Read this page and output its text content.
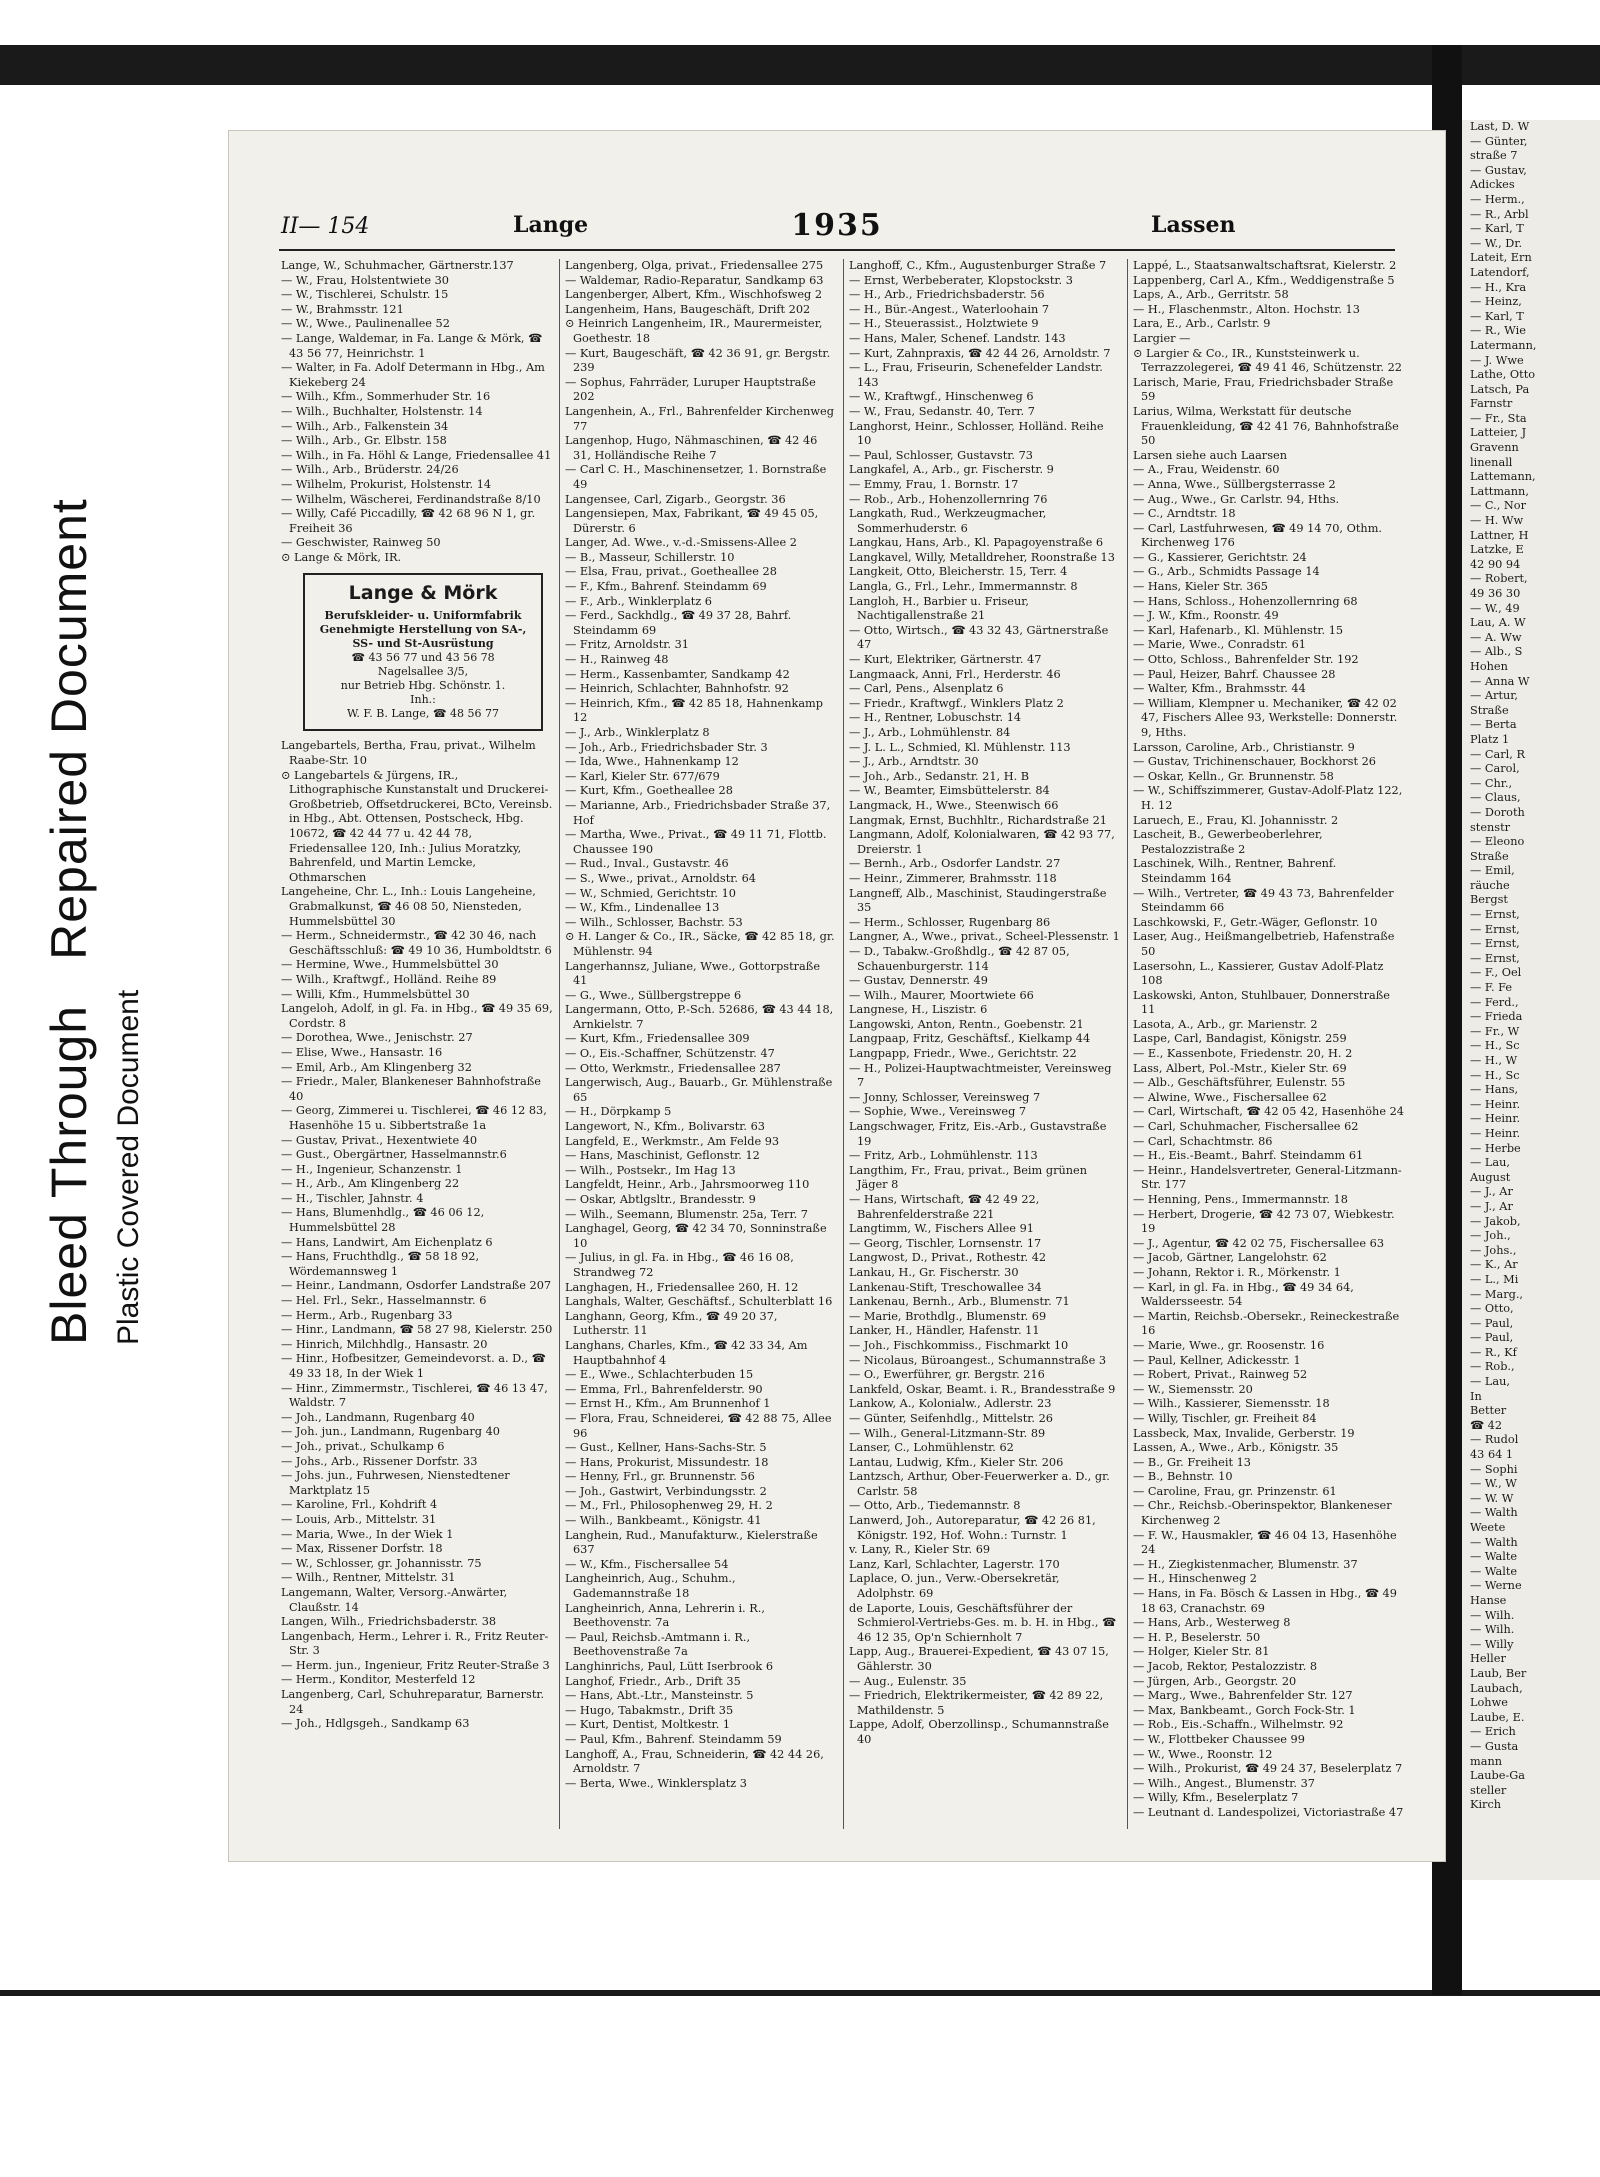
Bleed ThroughRepaired Document
Plastic Covered Document
Last, D. W
— Günter,
straße 7
— Gustav,
Adickes
— Herm.,
— R., Arbl
— Karl, T
— W., Dr.
Lateit, Ern
Latendorf,
— H., Kra
— Heinz,
— Karl, T
— R., Wie
Latermann,
— J. Wwe
Lathe, Otto
Latsch, Pa
Farnstr
— Fr., Sta
Latteier, J
Gravenn
linenall
Lattemann,
Lattmann,
— C., Nor
— H. Ww
Lattner, H
Latzke, E
42 90 94
— Robert,
49 36 30
— W., 49
Lau, A. W
— A. Ww
— Alb., S
Hohen
— Anna W
— Artur,
Straße
— Berta
Platz 1
— Carl, R
— Carol,
— Chr.,
— Claus,
— Doroth
stenstr
— Eleono
Straße
— Emil,
räuche
Bergst
— Ernst,
— Ernst,
— Ernst,
— Ernst,
— F., Oel
— F. Fe
— Ferd.,
— Frieda
— Fr., W
— H., Sc
— H., W
— H., Sc
— Hans,
— Heinr.
— Heinr.
— Heinr.
— Herbe
— Lau,
August
— J., Ar
— J., Ar
— Jakob,
— Joh.,
— Johs.,
— K., Ar
— L., Mi
— Marg.,
— Otto,
— Paul,
— Paul,
— R., Kf
— Rob.,
— Lau,
In
Better
☎ 42
— Rudol
43 64 1
— Sophi
— W., W
— W. W
— Walth
Weete
— Walth
— Walte
— Walte
— Werne
Hanse
— Wilh.
— Wilh.
— Willy
Heller
Laub, Ber
Laubach,
Lohwe
Laube, E.
— Erich
— Gusta
mann
Laube-Ga
steller
Kirch
II— 154	Lange	1935	Lassen

Lange, W., Schuhmacher, Gärtnerstr.137

— W., Frau, Holstentwiete 30

— W., Tischlerei, Schulstr. 15

— W., Brahmsstr. 121

— W., Wwe., Paulinenallee 52

— Lange, Waldemar, in Fa. Lange & Mörk, ☎ 43 56 77, Heinrichstr. 1

— Walter, in Fa. Adolf Determann in Hbg., Am Kiekeberg 24

— Wilh., Kfm., Sommerhuder Str. 16

— Wilh., Buchhalter, Holstenstr. 14

— Wilh., Arb., Falkenstein 34

— Wilh., Arb., Gr. Elbstr. 158

— Wilh., in Fa. Höhl & Lange, Friedensallee 41

— Wilh., Arb., Brüderstr. 24/26

— Wilhelm, Prokurist, Holstenstr. 14

— Wilhelm, Wäscherei, Ferdinandstraße 8/10

— Willy, Café Piccadilly, ☎ 42 68 96 N 1, gr. Freiheit 36

— Geschwister, Rainweg 50

⊙ Lange & Mörk, IR.

Lange & Mörk
Berufskleider- u. Uniformfabrik
Genehmigte Herstellung von SA-, SS- und St-Ausrüstung
☎ 43 56 77 und 43 56 78
Nagelsallee 3/5,
nur Betrieb Hbg. Schönstr. 1.
Inh.:
W. F. B. Lange, ☎ 48 56 77

Langebartels, Bertha, Frau, privat., Wilhelm Raabe-Str. 10

⊙ Langebartels & Jürgens, IR., Lithographische Kunstanstalt und Druckerei-Großbetrieb, Offsetdruckerei, BCto, Vereinsb. in Hbg., Abt. Ottensen, Postscheck, Hbg. 10672, ☎ 42 44 77 u. 42 44 78, Friedensallee 120, Inh.: Julius Moratzky, Bahrenfeld, und Martin Lemcke, Othmarschen

Langeheine, Chr. L., Inh.: Louis Langeheine, Grabmalkunst, ☎ 46 08 50, Niensteden, Hummelsbüttel 30

— Herm., Schneidermstr., ☎ 42 30 46, nach Geschäftsschluß: ☎ 49 10 36, Humboldtstr. 6

— Hermine, Wwe., Hummelsbüttel 30

— Wilh., Kraftwgf., Holländ. Reihe 89

— Willi, Kfm., Hummelsbüttel 30

Langeloh, Adolf, in gl. Fa. in Hbg., ☎ 49 35 69, Cordstr. 8

— Dorothea, Wwe., Jenischstr. 27

— Elise, Wwe., Hansastr. 16

— Emil, Arb., Am Klingenberg 32

— Friedr., Maler, Blankeneser Bahnhofstraße 40

— Georg, Zimmerei u. Tischlerei, ☎ 46 12 83, Hasenhöhe 15 u. Sibbertstraße 1a

— Gustav, Privat., Hexentwiete 40

— Gust., Obergärtner, Hasselmannstr.6

— H., Ingenieur, Schanzenstr. 1

— H., Arb., Am Klingenberg 22

— H., Tischler, Jahnstr. 4

— Hans, Blumenhdlg., ☎ 46 06 12, Hummelsbüttel 28

— Hans, Landwirt, Am Eichenplatz 6

— Hans, Fruchthdlg., ☎ 58 18 92, Wördemannsweg 1

— Heinr., Landmann, Osdorfer Landstraße 207

— Hel. Frl., Sekr., Hasselmannstr. 6

— Herm., Arb., Rugenbarg 33

— Hinr., Landmann, ☎ 58 27 98, Kielerstr. 250

— Hinrich, Milchhdlg., Hansastr. 20

— Hinr., Hofbesitzer, Gemeindevorst. a. D., ☎ 49 33 18, In der Wiek 1

— Hinr., Zimmermstr., Tischlerei, ☎ 46 13 47, Waldstr. 7

— Joh., Landmann, Rugenbarg 40

— Joh. jun., Landmann, Rugenbarg 40

— Joh., privat., Schulkamp 6

— Johs., Arb., Rissener Dorfstr. 33

— Johs. jun., Fuhrwesen, Nienstedtener Marktplatz 15

— Karoline, Frl., Kohdrift 4

— Louis, Arb., Mittelstr. 31

— Maria, Wwe., In der Wiek 1

— Max, Rissener Dorfstr. 18

— W., Schlosser, gr. Johannisstr. 75

— Wilh., Rentner, Mittelstr. 31

Langemann, Walter, Versorg.-Anwärter, Claußstr. 14

Langen, Wilh., Friedrichsbaderstr. 38

Langenbach, Herm., Lehrer i. R., Fritz Reuter-Str. 3

— Herm. jun., Ingenieur, Fritz Reuter-Straße 3

— Herm., Konditor, Mesterfeld 12

Langenberg, Carl, Schuhreparatur, Barnerstr. 24

— Joh., Hdlgsgeh., Sandkamp 63

Langenberg, Olga, privat., Friedensallee 275

— Waldemar, Radio-Reparatur, Sandkamp 63

Langenberger, Albert, Kfm., Wischhofsweg 2

Langenheim, Hans, Baugeschäft, Drift 202

⊙ Heinrich Langenheim, IR., Maurermeister, Goethestr. 18

— Kurt, Baugeschäft, ☎ 42 36 91, gr. Bergstr. 239

— Sophus, Fahrräder, Luruper Hauptstraße 202

Langenhein, A., Frl., Bahrenfelder Kirchenweg 77

Langenhop, Hugo, Nähmaschinen, ☎ 42 46 31, Holländische Reihe 7

— Carl C. H., Maschinensetzer, 1. Bornstraße 49

Langensee, Carl, Zigarb., Georgstr. 36

Langensiepen, Max, Fabrikant, ☎ 49 45 05, Dürerstr. 6

Langer, Ad. Wwe., v.-d.-Smissens-Allee 2

— B., Masseur, Schillerstr. 10

— Elsa, Frau, privat., Goetheallee 28

— F., Kfm., Bahrenf. Steindamm 69

— F., Arb., Winklerplatz 6

— Ferd., Sackhdlg., ☎ 49 37 28, Bahrf. Steindamm 69

— Fritz, Arnoldstr. 31

— H., Rainweg 48

— Herm., Kassenbamter, Sandkamp 42

— Heinrich, Schlachter, Bahnhofstr. 92

— Heinrich, Kfm., ☎ 42 85 18, Hahnenkamp 12

— J., Arb., Winklerplatz 8

— Joh., Arb., Friedrichsbader Str. 3

— Ida, Wwe., Hahnenkamp 12

— Karl, Kieler Str. 677/679

— Kurt, Kfm., Goetheallee 28

— Marianne, Arb., Friedrichsbader Straße 37, Hof

— Martha, Wwe., Privat., ☎ 49 11 71, Flottb. Chaussee 190

— Rud., Inval., Gustavstr. 46

— S., Wwe., privat., Arnoldstr. 64

— W., Schmied, Gerichtstr. 10

— W., Kfm., Lindenallee 13

— Wilh., Schlosser, Bachstr. 53

⊙ H. Langer & Co., IR., Säcke, ☎ 42 85 18, gr. Mühlenstr. 94

Langerhannsz, Juliane, Wwe., Gottorpstraße 41

— G., Wwe., Süllbergstreppe 6

Langermann, Otto, P.-Sch. 52686, ☎ 43 44 18, Arnkielstr. 7

— Kurt, Kfm., Friedensallee 309

— O., Eis.-Schaffner, Schützenstr. 47

— Otto, Werkmstr., Friedensallee 287

Langerwisch, Aug., Bauarb., Gr. Mühlenstraße 65

— H., Dörpkamp 5

Langewort, N., Kfm., Bolivarstr. 63

Langfeld, E., Werkmstr., Am Felde 93

— Hans, Maschinist, Geflonstr. 12

— Wilh., Postsekr., Im Hag 13

Langfeldt, Heinr., Arb., Jahrsmoorweg 110

— Oskar, Abtlgsltr., Brandesstr. 9

— Wilh., Seemann, Blumenstr. 25a, Terr. 7

Langhagel, Georg, ☎ 42 34 70, Sonninstraße 10

— Julius, in gl. Fa. in Hbg., ☎ 46 16 08, Strandweg 72

Langhagen, H., Friedensallee 260, H. 12

Langhals, Walter, Geschäftsf., Schulterblatt 16

Langhann, Georg, Kfm., ☎ 49 20 37, Lutherstr. 11

Langhans, Charles, Kfm., ☎ 42 33 34, Am Hauptbahnhof 4

— E., Wwe., Schlachterbuden 15

— Emma, Frl., Bahrenfelderstr. 90

— Ernst H., Kfm., Am Brunnenhof 1

— Flora, Frau, Schneiderei, ☎ 42 88 75, Allee 96

— Gust., Kellner, Hans-Sachs-Str. 5

— Hans, Prokurist, Missundestr. 18

— Henny, Frl., gr. Brunnenstr. 56

— Joh., Gastwirt, Verbindungsstr. 2

— M., Frl., Philosophenweg 29, H. 2

— Wilh., Bankbeamt., Königstr. 41

Langhein, Rud., Manufakturw., Kielerstraße 637

— W., Kfm., Fischersallee 54

Langheinrich, Aug., Schuhm., Gademannstraße 18

Langheinrich, Anna, Lehrerin i. R., Beethovenstr. 7a

— Paul, Reichsb.-Amtmann i. R., Beethovenstraße 7a

Langhinrichs, Paul, Lütt Iserbrook 6

Langhof, Friedr., Arb., Drift 35

— Hans, Abt.-Ltr., Mansteinstr. 5

— Hugo, Tabakmstr., Drift 35

— Kurt, Dentist, Moltkestr. 1

— Paul, Kfm., Bahrenf. Steindamm 59

Langhoff, A., Frau, Schneiderin, ☎ 42 44 26, Arnoldstr. 7

— Berta, Wwe., Winklersplatz 3

Langhoff, C., Kfm., Augustenburger Straße 7

— Ernst, Werbeberater, Klopstockstr. 3

— H., Arb., Friedrichsbaderstr. 56

— H., Bür.-Angest., Waterloohain 7

— H., Steuerassist., Holztwiete 9

— Hans, Maler, Schenef. Landstr. 143

— Kurt, Zahnpraxis, ☎ 42 44 26, Arnoldstr. 7

— L., Frau, Friseurin, Schenefelder Landstr. 143

— W., Kraftwgf., Hinschenweg 6

— W., Frau, Sedanstr. 40, Terr. 7

Langhorst, Heinr., Schlosser, Holländ. Reihe 10

— Paul, Schlosser, Gustavstr. 73

Langkafel, A., Arb., gr. Fischerstr. 9

— Emmy, Frau, 1. Bornstr. 17

— Rob., Arb., Hohenzollernring 76

Langkath, Rud., Werkzeugmacher, Sommerhuderstr. 6

Langkau, Hans, Arb., Kl. Papagoyenstraße 6

Langkavel, Willy, Metalldreher, Roonstraße 13

Langkeit, Otto, Bleicherstr. 15, Terr. 4

Langla, G., Frl., Lehr., Immermannstr. 8

Langloh, H., Barbier u. Friseur, Nachtigallenstraße 21

— Otto, Wirtsch., ☎ 43 32 43, Gärtnerstraße 47

— Kurt, Elektriker, Gärtnerstr. 47

Langmaack, Anni, Frl., Herderstr. 46

— Carl, Pens., Alsenplatz 6

— Friedr., Kraftwgf., Winklers Platz 2

— H., Rentner, Lobuschstr. 14

— J., Arb., Lohmühlenstr. 84

— J. L. L., Schmied, Kl. Mühlenstr. 113

— J., Arb., Arndtstr. 30

— Joh., Arb., Sedanstr. 21, H. B

— W., Beamter, Eimsbüttelerstr. 84

Langmack, H., Wwe., Steenwisch 66

Langmak, Ernst, Buchhltr., Richardstraße 21

Langmann, Adolf, Kolonialwaren, ☎ 42 93 77, Dreierstr. 1

— Bernh., Arb., Osdorfer Landstr. 27

— Heinr., Zimmerer, Brahmsstr. 118

Langneff, Alb., Maschinist, Staudingerstraße 35

— Herm., Schlosser, Rugenbarg 86

Langner, A., Wwe., privat., Scheel-Plessenstr. 1

— D., Tabakw.-Großhdlg., ☎ 42 87 05, Schauenburgerstr. 114

— Gustav, Dennerstr. 49

— Wilh., Maurer, Moortwiete 66

Langnese, H., Liszistr. 6

Langowski, Anton, Rentn., Goebenstr. 21

Langpaap, Fritz, Geschäftsf., Kielkamp 44

Langpapp, Friedr., Wwe., Gerichtstr. 22

— H., Polizei-Hauptwachtmeister, Vereinsweg 7

— Jonny, Schlosser, Vereinsweg 7

— Sophie, Wwe., Vereinsweg 7

Langschwager, Fritz, Eis.-Arb., Gustavstraße 19

— Fritz, Arb., Lohmühlenstr. 113

Langthim, Fr., Frau, privat., Beim grünen Jäger 8

— Hans, Wirtschaft, ☎ 42 49 22, Bahrenfelderstraße 221

Langtimm, W., Fischers Allee 91

— Georg, Tischler, Lornsenstr. 17

Langwost, D., Privat., Rothestr. 42

Lankau, H., Gr. Fischerstr. 30

Lankenau-Stift, Treschowallee 34

Lankenau, Bernh., Arb., Blumenstr. 71

— Marie, Brothdlg., Blumenstr. 69

Lanker, H., Händler, Hafenstr. 11

— Joh., Fischkommiss., Fischmarkt 10

— Nicolaus, Büroangest., Schumannstraße 3

— O., Ewerführer, gr. Bergstr. 216

Lankfeld, Oskar, Beamt. i. R., Brandesstraße 9

Lankow, A., Kolonialw., Adlerstr. 23

— Günter, Seifenhdlg., Mittelstr. 26

— Wilh., General-Litzmann-Str. 89

Lanser, C., Lohmühlenstr. 62

Lantau, Ludwig, Kfm., Kieler Str. 206

Lantzsch, Arthur, Ober-Feuerwerker a. D., gr. Carlstr. 58

— Otto, Arb., Tiedemannstr. 8

Lanwerd, Joh., Autoreparatur, ☎ 42 26 81, Königstr. 192, Hof. Wohn.: Turnstr. 1

v. Lany, R., Kieler Str. 69

Lanz, Karl, Schlachter, Lagerstr. 170

Laplace, O. jun., Verw.-Obersekretär, Adolphstr. 69

de Laporte, Louis, Geschäftsführer der Schmierol-Vertriebs-Ges. m. b. H. in Hbg., ☎ 46 12 35, Op'n Schiernholt 7

Lapp, Aug., Brauerei-Expedient, ☎ 43 07 15, Gählerstr. 30

— Aug., Eulenstr. 35

— Friedrich, Elektrikermeister, ☎ 42 89 22, Mathildenstr. 5

Lappe, Adolf, Oberzollinsp., Schumannstraße 40

Lappé, L., Staatsanwaltschaftsrat, Kielerstr. 2

Lappenberg, Carl A., Kfm., Weddigenstraße 5

Laps, A., Arb., Gerritstr. 58

— H., Flaschenmstr., Alton. Hochstr. 13

Lara, E., Arb., Carlstr. 9

Largier —

⊙ Largier & Co., IR., Kunststeinwerk u. Terrazzolegerei, ☎ 49 41 46, Schützenstr. 22

Larisch, Marie, Frau, Friedrichsbader Straße 59

Larius, Wilma, Werkstatt für deutsche Frauenkleidung, ☎ 42 41 76, Bahnhofstraße 50

Larsen siehe auch Laarsen

— A., Frau, Weidenstr. 60

— Anna, Wwe., Süllbergsterrasse 2

— Aug., Wwe., Gr. Carlstr. 94, Hths.

— C., Arndtstr. 18

— Carl, Lastfuhrwesen, ☎ 49 14 70, Othm. Kirchenweg 176

— G., Kassierer, Gerichtstr. 24

— G., Arb., Schmidts Passage 14

— Hans, Kieler Str. 365

— Hans, Schloss., Hohenzollernring 68

— J. W., Kfm., Roonstr. 49

— Karl, Hafenarb., Kl. Mühlenstr. 15

— Marie, Wwe., Conradstr. 61

— Otto, Schloss., Bahrenfelder Str. 192

— Paul, Heizer, Bahrf. Chaussee 28

— Walter, Kfm., Brahmsstr. 44

— William, Klempner u. Mechaniker, ☎ 42 02 47, Fischers Allee 93, Werkstelle: Donnerstr. 9, Hths.

Larsson, Caroline, Arb., Christianstr. 9

— Gustav, Trichinenschauer, Bockhorst 26

— Oskar, Kelln., Gr. Brunnenstr. 58

— W., Schiffszimmerer, Gustav-Adolf-Platz 122, H. 12

Laruech, E., Frau, Kl. Johannisstr. 2

Lascheit, B., Gewerbeoberlehrer, Pestalozzistraße 2

Laschinek, Wilh., Rentner, Bahrenf. Steindamm 164

— Wilh., Vertreter, ☎ 49 43 73, Bahrenfelder Steindamm 66

Laschkowski, F., Getr.-Wäger, Geflonstr. 10

Laser, Aug., Heißmangelbetrieb, Hafenstraße 50

Lasersohn, L., Kassierer, Gustav Adolf-Platz 108

Laskowski, Anton, Stuhlbauer, Donnerstraße 11

Lasota, A., Arb., gr. Marienstr. 2

Laspe, Carl, Bandagist, Königstr. 259

— E., Kassenbote, Friedenstr. 20, H. 2

Lass, Albert, Pol.-Mstr., Kieler Str. 69

— Alb., Geschäftsführer, Eulenstr. 55

— Alwine, Wwe., Fischersallee 62

— Carl, Wirtschaft, ☎ 42 05 42, Hasenhöhe 24

— Carl, Schuhmacher, Fischersallee 62

— Carl, Schachtmstr. 86

— H., Eis.-Beamt., Bahrf. Steindamm 61

— Heinr., Handelsvertreter, General-Litzmann-Str. 177

— Henning, Pens., Immermannstr. 18

— Herbert, Drogerie, ☎ 42 73 07, Wiebkestr. 19

— J., Agentur, ☎ 42 02 75, Fischersallee 63

— Jacob, Gärtner, Langelohstr. 62

— Johann, Rektor i. R., Mörkenstr. 1

— Karl, in gl. Fa. in Hbg., ☎ 49 34 64, Waldersseestr. 54

— Martin, Reichsb.-Obersekr., Reineckestraße 16

— Marie, Wwe., gr. Roosenstr. 16

— Paul, Kellner, Adickesstr. 1

— Robert, Privat., Rainweg 52

— W., Siemensstr. 20

— Wilh., Kassierer, Siemensstr. 18

— Willy, Tischler, gr. Freiheit 84

Lassbeck, Max, Invalide, Gerberstr. 19

Lassen, A., Wwe., Arb., Königstr. 35

— B., Gr. Freiheit 13

— B., Behnstr. 10

— Caroline, Frau, gr. Prinzenstr. 61

— Chr., Reichsb.-Oberinspektor, Blankeneser Kirchenweg 2

— F. W., Hausmakler, ☎ 46 04 13, Hasenhöhe 24

— H., Ziegkistenmacher, Blumenstr. 37

— H., Hinschenweg 2

— Hans, in Fa. Bösch & Lassen in Hbg., ☎ 49 18 63, Cranachstr. 69

— Hans, Arb., Westerweg 8

— H. P., Beselerstr. 50

— Holger, Kieler Str. 81

— Jacob, Rektor, Pestalozzistr. 8

— Jürgen, Arb., Georgstr. 20

— Marg., Wwe., Bahrenfelder Str. 127

— Max, Bankbeamt., Gorch Fock-Str. 1

— Rob., Eis.-Schaffn., Wilhelmstr. 92

— W., Flottbeker Chaussee 99

— W., Wwe., Roonstr. 12

— Wilh., Prokurist, ☎ 49 24 37, Beselerplatz 7

— Wilh., Angest., Blumenstr. 37

— Willy, Kfm., Beselerplatz 7

— Leutnant d. Landespolizei, Victoriastraße 47
